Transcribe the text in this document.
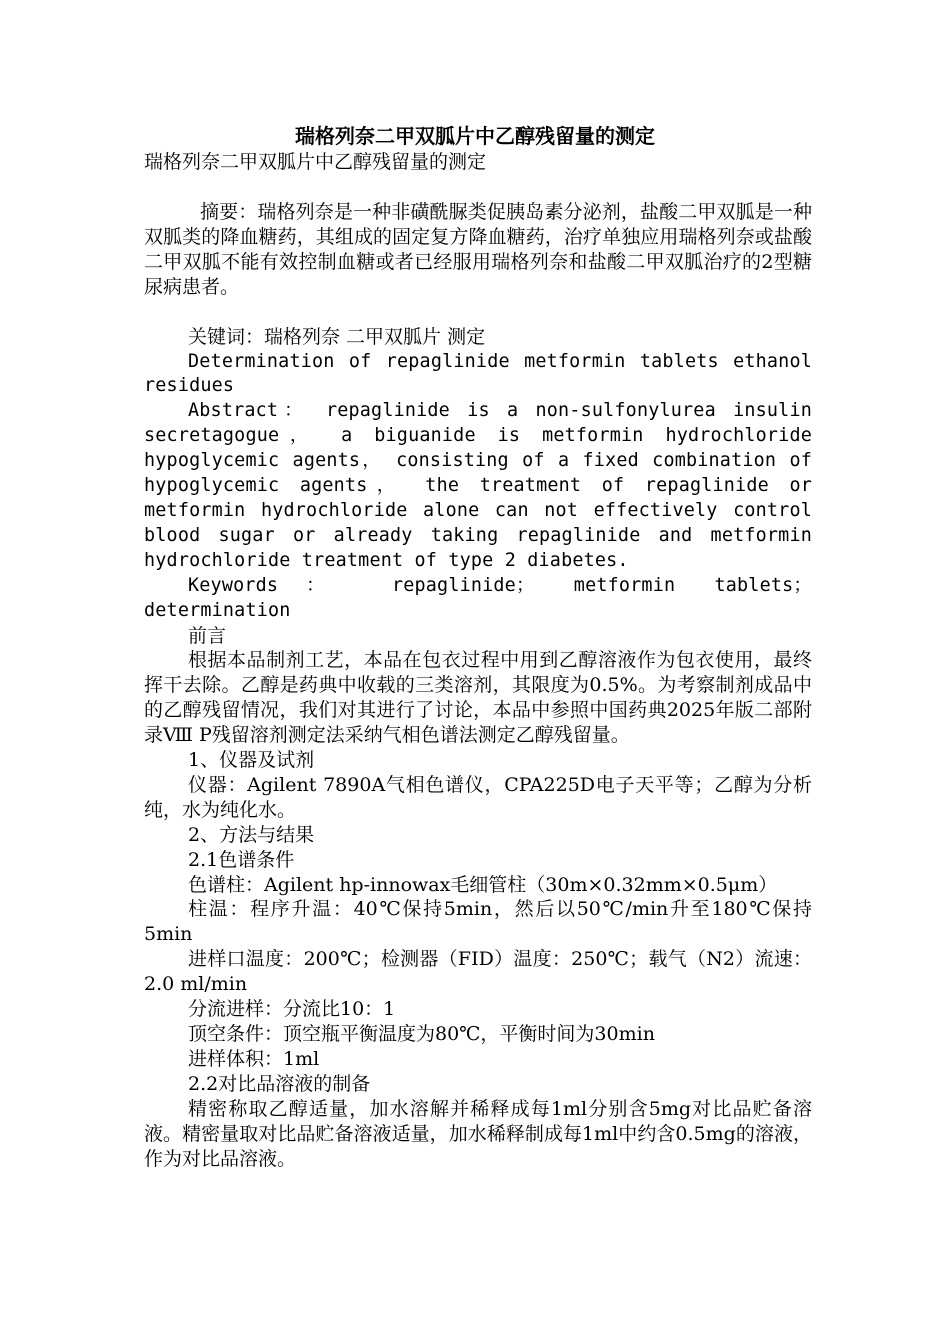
瑞格列奈二甲双胍片中乙醇残留量的测定
瑞格列奈二甲双胍片中乙醇残留量的测定

摘要：瑞格列奈是一种非磺酰脲类促胰岛素分泌剂，盐酸二甲双胍是一种双胍类的降血糖药，其组成的固定复方降血糖药，治疗单独应用瑞格列奈或盐酸二甲双胍不能有效控制血糖或者已经服用瑞格列奈和盐酸二甲双胍治疗的2型糖尿病患者。

关键词：瑞格列奈 二甲双胍片 测定

Determination of repaglinide metformin tablets ethanol residues

Abstract： repaglinide is a non-sulfonylurea insulin secretagogue， a biguanide is metformin hydrochloride hypoglycemic agents， consisting of a fixed combination of hypoglycemic agents， the treatment of repaglinide or metformin hydrochloride alone can not effectively control blood sugar or already taking repaglinide and metformin hydrochloride treatment of type 2 diabetes.

Keywords： repaglinide； metformin tablets； determination

前言

根据本品制剂工艺，本品在包衣过程中用到乙醇溶液作为包衣使用，最终挥干去除。乙醇是药典中收载的三类溶剂，其限度为0.5%。为考察制剂成品中的乙醇残留情况，我们对其进行了讨论，本品中参照中国药典2025年版二部附录Ⅷ P残留溶剂测定法采纳气相色谱法测定乙醇残留量。

1、仪器及试剂

仪器：Agilent 7890A气相色谱仪，CPA225D电子天平等；乙醇为分析纯，水为纯化水。

2、方法与结果

2.1色谱条件

色谱柱：Agilent hp-innowax毛细管柱（30m×0.32mm×0.5μm）

柱温：程序升温：40℃保持5min，然后以50℃/min升至180℃保持5min

进样口温度：200℃；检测器（FID）温度：250℃；载气（N2）流速：2.0 ml/min

分流进样：分流比10：1

顶空条件：顶空瓶平衡温度为80℃，平衡时间为30min

进样体积：1ml

2.2对比品溶液的制备

精密称取乙醇适量，加水溶解并稀释成每1ml分别含5mg对比品贮备溶液。精密量取对比品贮备溶液适量，加水稀释制成每1ml中约含0.5mg的溶液，作为对比品溶液。
